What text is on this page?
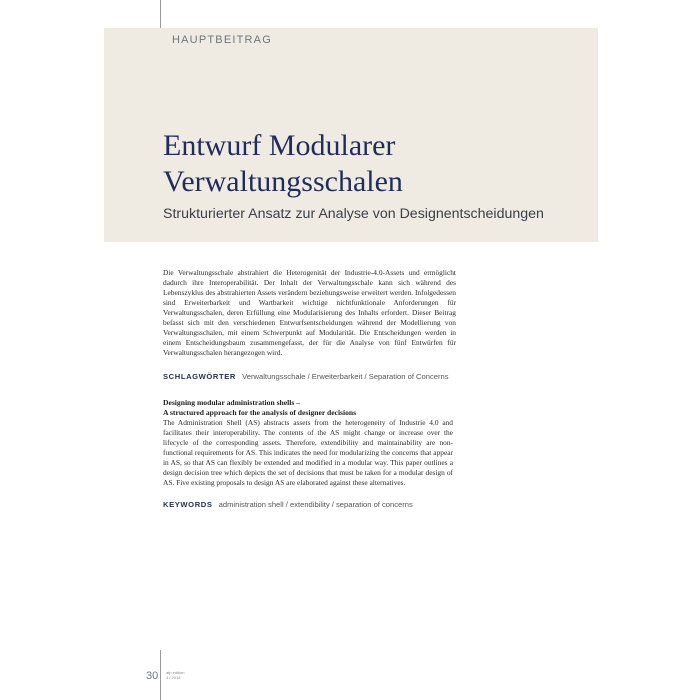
HAUPTBEITRAG
Entwurf Modularer
Verwaltungsschalen

Strukturierter Ansatz zur Analyse von Designentscheidungen

Die Verwaltungsschale abstrahiert die Heterogenität der Industrie-4.0-Assets und ermöglicht dadurch ihre Interoperabilität. Der Inhalt der Verwaltungsschale kann sich während des Lebenszyklus des abstrahierten Assets verändern beziehungsweise erweitert werden. Infolgedessen sind Erweiterbarkeit und Wartbarkeit wichtige nichtfunktionale Anforderungen für Verwaltungsschalen, deren Erfüllung eine Modularisierung des Inhalts erfordert. Dieser Beitrag befasst sich mit den verschiedenen Entwurfsentscheidungen während der Modellierung von Verwaltungsschalen, mit einem Schwerpunkt auf Modularität. Die Entscheidungen werden in einem Entscheidungsbaum zusammengefasst, der für die Analyse von fünf Entwürfen für Verwaltungsschalen herangezogen wird.

SCHLAGWÖRTER Verwaltungsschale / Erweiterbarkeit / Separation of Concerns

Designing modular administration shells –
A structured approach for the analysis of designer decisions

The Administration Shell (AS) abstracts assets from the heterogeneity of Industrie 4.0 and facilitates their interoperability. The contents of the AS might change or increase over the lifecycle of the corresponding assets. Therefore, extendibility and maintainability are non-functional requirements for AS. This indicates the need for modularizing the concerns that appear in AS, so that AS can flexibly be extended and modified in a modular way. This paper outlines a design decision tree which depicts the set of decisions that must be taken for a modular design of AS. Five existing proposals to design AS are elaborated against these alternatives.

KEYWORDS administration shell / extendibility / separation of concerns
30 atp edition
4 / 2018
